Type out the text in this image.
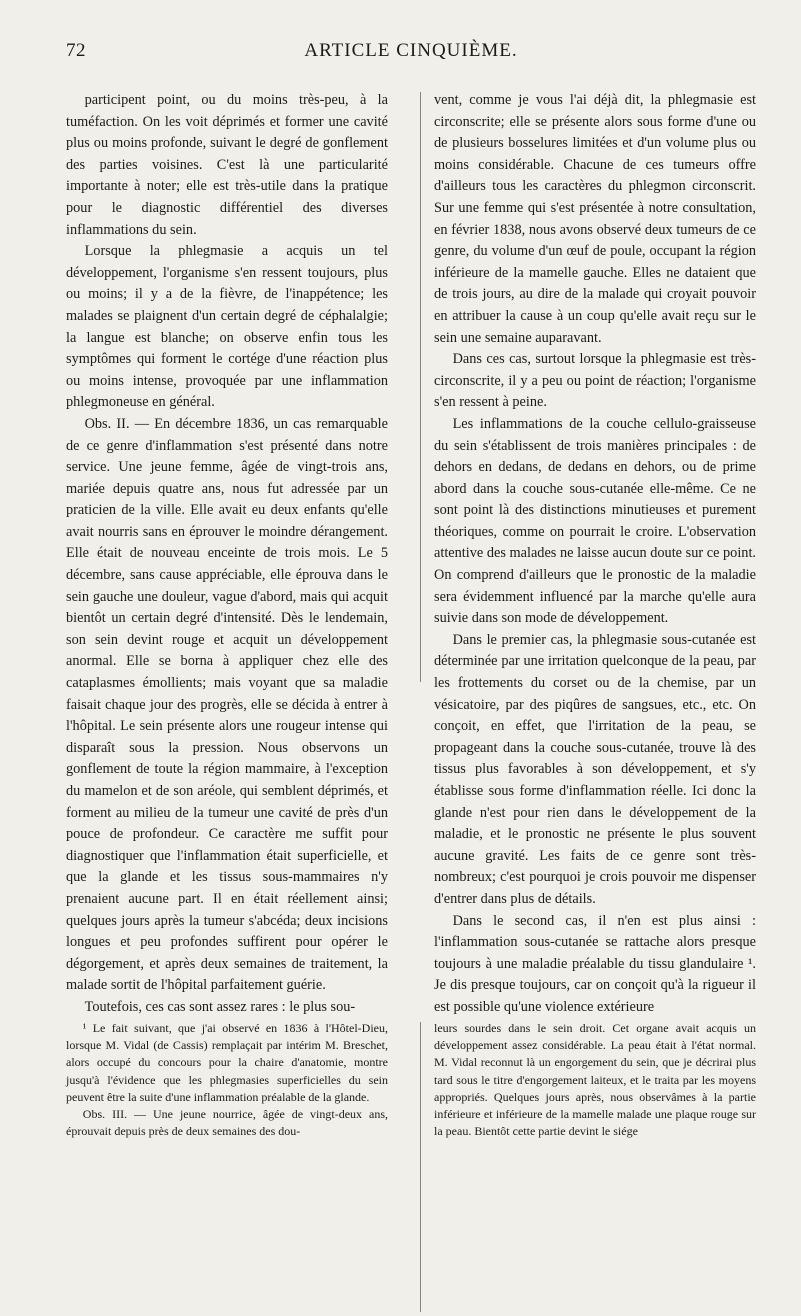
72	ARTICLE CINQUIÈME.

participent point, ou du moins très-peu, à la tuméfaction. On les voit déprimés et former une cavité plus ou moins profonde, suivant le degré de gonflement des parties voisines. C'est là une particularité importante à noter; elle est très-utile dans la pratique pour le diagnostic différentiel des diverses inflammations du sein.

Lorsque la phlegmasie a acquis un tel développement, l'organisme s'en ressent toujours, plus ou moins; il y a de la fièvre, de l'inappétence; les malades se plaignent d'un certain degré de céphalalgie; la langue est blanche; on observe enfin tous les symptômes qui forment le cortége d'une réaction plus ou moins intense, provoquée par une inflammation phlegmoneuse en général.

Obs. II. — En décembre 1836, un cas remarquable de ce genre d'inflammation s'est présenté dans notre service. Une jeune femme, âgée de vingt-trois ans, mariée depuis quatre ans, nous fut adressée par un praticien de la ville. Elle avait eu deux enfants qu'elle avait nourris sans en éprouver le moindre dérangement. Elle était de nouveau enceinte de trois mois. Le 5 décembre, sans cause appréciable, elle éprouva dans le sein gauche une douleur, vague d'abord, mais qui acquit bientôt un certain degré d'intensité. Dès le lendemain, son sein devint rouge et acquit un développement anormal. Elle se borna à appliquer chez elle des cataplasmes émollients; mais voyant que sa maladie faisait chaque jour des progrès, elle se décida à entrer à l'hôpital. Le sein présente alors une rougeur intense qui disparaît sous la pression. Nous observons un gonflement de toute la région mammaire, à l'exception du mamelon et de son aréole, qui semblent déprimés, et forment au milieu de la tumeur une cavité de près d'un pouce de profondeur. Ce caractère me suffit pour diagnostiquer que l'inflammation était superficielle, et que la glande et les tissus sous-mammaires n'y prenaient aucune part. Il en était réellement ainsi; quelques jours après la tumeur s'abcéda; deux incisions longues et peu profondes suffirent pour opérer le dégorgement, et après deux semaines de traitement, la malade sortit de l'hôpital parfaitement guérie.

Toutefois, ces cas sont assez rares : le plus sou-

vent, comme je vous l'ai déjà dit, la phlegmasie est circonscrite; elle se présente alors sous forme d'une ou de plusieurs bosselures limitées et d'un volume plus ou moins considérable. Chacune de ces tumeurs offre d'ailleurs tous les caractères du phlegmon circonscrit. Sur une femme qui s'est présentée à notre consultation, en février 1838, nous avons observé deux tumeurs de ce genre, du volume d'un œuf de poule, occupant la région inférieure de la mamelle gauche. Elles ne dataient que de trois jours, au dire de la malade qui croyait pouvoir en attribuer la cause à un coup qu'elle avait reçu sur le sein une semaine auparavant.

Dans ces cas, surtout lorsque la phlegmasie est très-circonscrite, il y a peu ou point de réaction; l'organisme s'en ressent à peine.

Les inflammations de la couche cellulo-graisseuse du sein s'établissent de trois manières principales : de dehors en dedans, de dedans en dehors, ou de prime abord dans la couche sous-cutanée elle-même. Ce ne sont point là des distinctions minutieuses et purement théoriques, comme on pourrait le croire. L'observation attentive des malades ne laisse aucun doute sur ce point. On comprend d'ailleurs que le pronostic de la maladie sera évidemment influencé par la marche qu'elle aura suivie dans son mode de développement.

Dans le premier cas, la phlegmasie sous-cutanée est déterminée par une irritation quelconque de la peau, par les frottements du corset ou de la chemise, par un vésicatoire, par des piqûres de sangsues, etc., etc. On conçoit, en effet, que l'irritation de la peau, se propageant dans la couche sous-cutanée, trouve là des tissus plus favorables à son développement, et s'y établisse sous forme d'inflammation réelle. Ici donc la glande n'est pour rien dans le développement de la maladie, et le pronostic ne présente le plus souvent aucune gravité. Les faits de ce genre sont très-nombreux; c'est pourquoi je crois pouvoir me dispenser d'entrer dans plus de détails.

Dans le second cas, il n'en est plus ainsi : l'inflammation sous-cutanée se rattache alors presque toujours à une maladie préalable du tissu glandulaire ¹. Je dis presque toujours, car on conçoit qu'à la rigueur il est possible qu'une violence extérieure

¹ Le fait suivant, que j'ai observé en 1836 à l'Hôtel-Dieu, lorsque M. Vidal (de Cassis) remplaçait par intérim M. Breschet, alors occupé du concours pour la chaire d'anatomie, montre jusqu'à l'évidence que les phlegmasies superficielles du sein peuvent être la suite d'une inflammation préalable de la glande.

Obs. III. — Une jeune nourrice, âgée de vingt-deux ans, éprouvait depuis près de deux semaines des dou-

leurs sourdes dans le sein droit. Cet organe avait acquis un développement assez considérable. La peau était à l'état normal. M. Vidal reconnut là un engorgement du sein, que je décrirai plus tard sous le titre d'engorgement laiteux, et le traita par les moyens appropriés. Quelques jours après, nous observâmes à la partie inférieure et inférieure de la mamelle malade une plaque rouge sur la peau. Bientôt cette partie devint le siége
